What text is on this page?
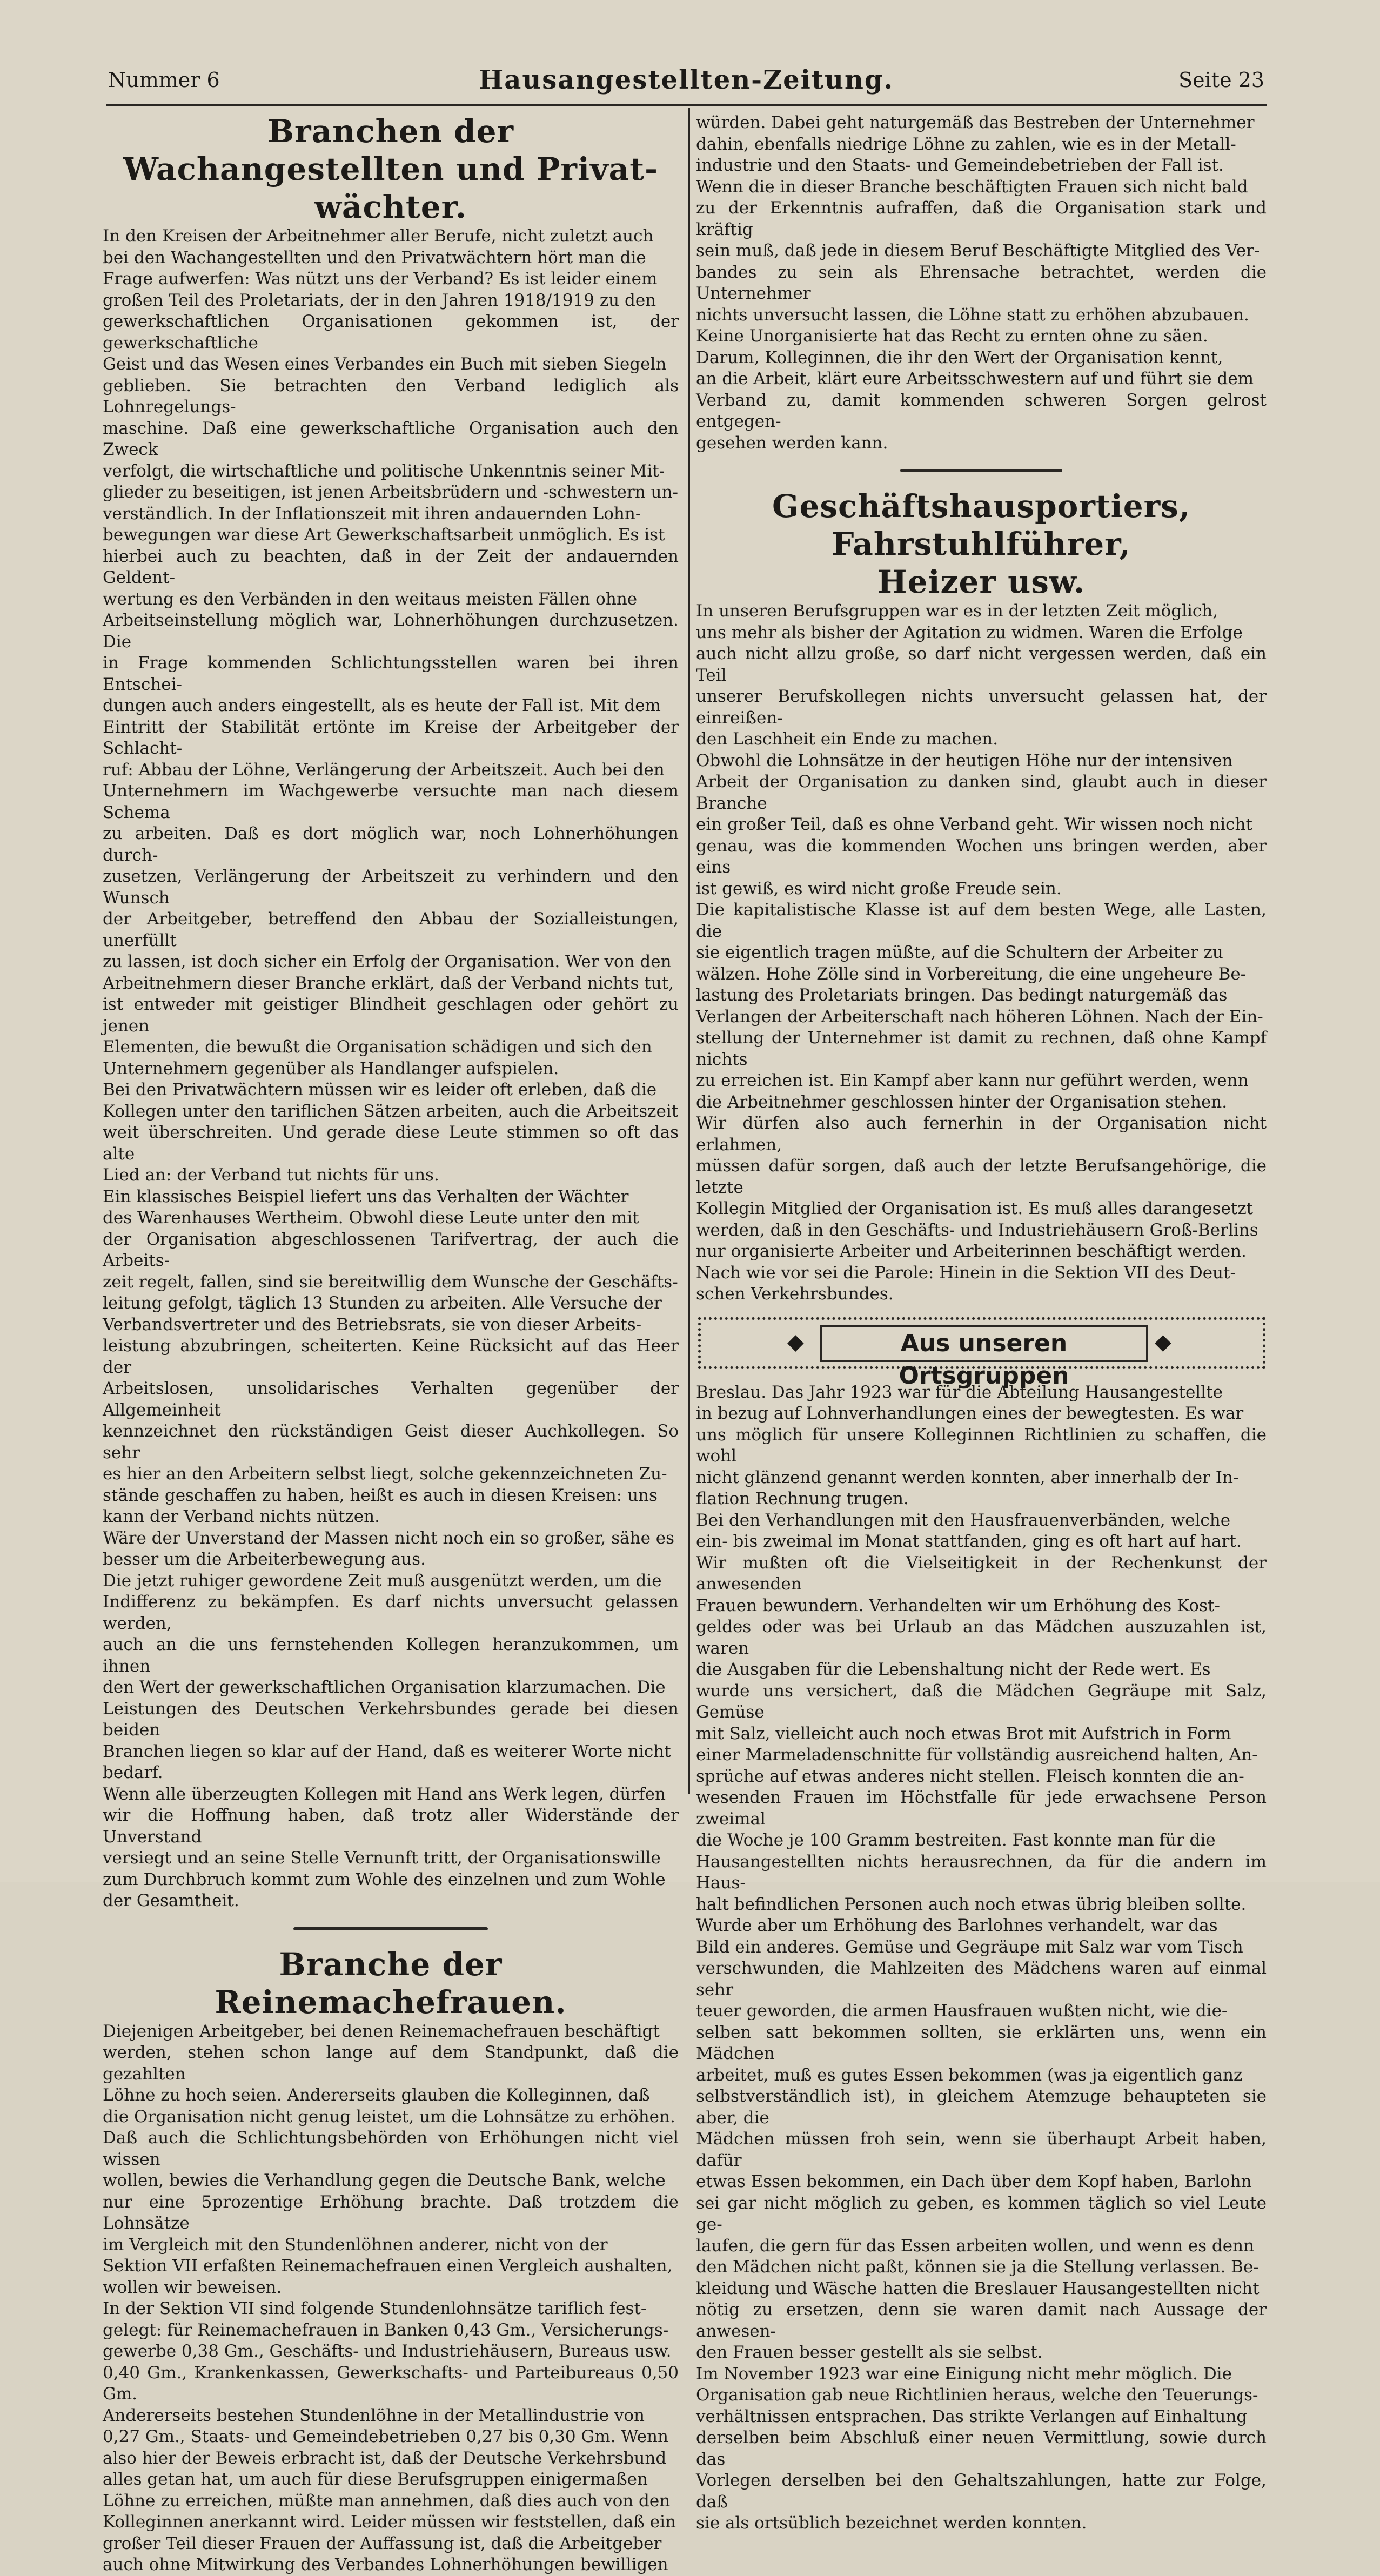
Nummer 6	Hausangestellten-Zeitung.	Seite 23
Branchen der Wachangestellten und Privat-
wächter.

In den Kreisen der Arbeitnehmer aller Berufe, nicht zuletzt auch
bei den Wachangestellten und den Privatwächtern hört man die
Frage aufwerfen: Was nützt uns der Verband? Es ist leider einem
großen Teil des Proletariats, der in den Jahren 1918/1919 zu den
gewerkschaftlichen Organisationen gekommen ist, der gewerkschaftliche
Geist und das Wesen eines Verbandes ein Buch mit sieben Siegeln
geblieben. Sie betrachten den Verband lediglich als Lohnregelungs-
maschine. Daß eine gewerkschaftliche Organisation auch den Zweck
verfolgt, die wirtschaftliche und politische Unkenntnis seiner Mit-
glieder zu beseitigen, ist jenen Arbeitsbrüdern und -schwestern un-
verständlich. In der Inflationszeit mit ihren andauernden Lohn-
bewegungen war diese Art Gewerkschaftsarbeit unmöglich. Es ist
hierbei auch zu beachten, daß in der Zeit der andauernden Geldent-
wertung es den Verbänden in den weitaus meisten Fällen ohne
Arbeitseinstellung möglich war, Lohnerhöhungen durchzusetzen. Die
in Frage kommenden Schlichtungsstellen waren bei ihren Entschei-
dungen auch anders eingestellt, als es heute der Fall ist. Mit dem
Eintritt der Stabilität ertönte im Kreise der Arbeitgeber der Schlacht-
ruf: Abbau der Löhne, Verlängerung der Arbeitszeit. Auch bei den
Unternehmern im Wachgewerbe versuchte man nach diesem Schema
zu arbeiten. Daß es dort möglich war, noch Lohnerhöhungen durch-
zusetzen, Verlängerung der Arbeitszeit zu verhindern und den Wunsch
der Arbeitgeber, betreffend den Abbau der Sozialleistungen, unerfüllt
zu lassen, ist doch sicher ein Erfolg der Organisation. Wer von den
Arbeitnehmern dieser Branche erklärt, daß der Verband nichts tut,
ist entweder mit geistiger Blindheit geschlagen oder gehört zu jenen
Elementen, die bewußt die Organisation schädigen und sich den
Unternehmern gegenüber als Handlanger aufspielen.

Bei den Privatwächtern müssen wir es leider oft erleben, daß die
Kollegen unter den tariflichen Sätzen arbeiten, auch die Arbeitszeit
weit überschreiten. Und gerade diese Leute stimmen so oft das alte
Lied an: der Verband tut nichts für uns.

Ein klassisches Beispiel liefert uns das Verhalten der Wächter
des Warenhauses Wertheim. Obwohl diese Leute unter den mit
der Organisation abgeschlossenen Tarifvertrag, der auch die Arbeits-
zeit regelt, fallen, sind sie bereitwillig dem Wunsche der Geschäfts-
leitung gefolgt, täglich 13 Stunden zu arbeiten. Alle Versuche der
Verbandsvertreter und des Betriebsrats, sie von dieser Arbeits-
leistung abzubringen, scheiterten. Keine Rücksicht auf das Heer der
Arbeitslosen, unsolidarisches Verhalten gegenüber der Allgemeinheit
kennzeichnet den rückständigen Geist dieser Auchkollegen. So sehr
es hier an den Arbeitern selbst liegt, solche gekennzeichneten Zu-
stände geschaffen zu haben, heißt es auch in diesen Kreisen: uns
kann der Verband nichts nützen.

Wäre der Unverstand der Massen nicht noch ein so großer, sähe es
besser um die Arbeiterbewegung aus.

Die jetzt ruhiger gewordene Zeit muß ausgenützt werden, um die
Indifferenz zu bekämpfen. Es darf nichts unversucht gelassen werden,
auch an die uns fernstehenden Kollegen heranzukommen, um ihnen
den Wert der gewerkschaftlichen Organisation klarzumachen. Die
Leistungen des Deutschen Verkehrsbundes gerade bei diesen beiden
Branchen liegen so klar auf der Hand, daß es weiterer Worte nicht
bedarf.

Wenn alle überzeugten Kollegen mit Hand ans Werk legen, dürfen
wir die Hoffnung haben, daß trotz aller Widerstände der Unverstand
versiegt und an seine Stelle Vernunft tritt, der Organisationswille
zum Durchbruch kommt zum Wohle des einzelnen und zum Wohle
der Gesamtheit.

Branche der Reinemachefrauen.

Diejenigen Arbeitgeber, bei denen Reinemachefrauen beschäftigt
werden, stehen schon lange auf dem Standpunkt, daß die gezahlten
Löhne zu hoch seien. Andererseits glauben die Kolleginnen, daß
die Organisation nicht genug leistet, um die Lohnsätze zu erhöhen.
Daß auch die Schlichtungsbehörden von Erhöhungen nicht viel wissen
wollen, bewies die Verhandlung gegen die Deutsche Bank, welche
nur eine 5prozentige Erhöhung brachte. Daß trotzdem die Lohnsätze
im Vergleich mit den Stundenlöhnen anderer, nicht von der
Sektion VII erfaßten Reinemachefrauen einen Vergleich aushalten,
wollen wir beweisen.

In der Sektion VII sind folgende Stundenlohnsätze tariflich fest-
gelegt: für Reinemachefrauen in Banken 0,43 Gm., Versicherungs-
gewerbe 0,38 Gm., Geschäfts- und Industriehäusern, Bureaus usw.
0,40 Gm., Krankenkassen, Gewerkschafts- und Parteibureaus 0,50 Gm.
Andererseits bestehen Stundenlöhne in der Metallindustrie von
0,27 Gm., Staats- und Gemeindebetrieben 0,27 bis 0,30 Gm. Wenn
also hier der Beweis erbracht ist, daß der Deutsche Verkehrsbund
alles getan hat, um auch für diese Berufsgruppen einigermaßen
Löhne zu erreichen, müßte man annehmen, daß dies auch von den
Kolleginnen anerkannt wird. Leider müssen wir feststellen, daß ein
großer Teil dieser Frauen der Auffassung ist, daß die Arbeitgeber
auch ohne Mitwirkung des Verbandes Lohnerhöhungen bewilligen

würden. Dabei geht naturgemäß das Bestreben der Unternehmer
dahin, ebenfalls niedrige Löhne zu zahlen, wie es in der Metall-
industrie und den Staats- und Gemeindebetrieben der Fall ist.

Wenn die in dieser Branche beschäftigten Frauen sich nicht bald
zu der Erkenntnis aufraffen, daß die Organisation stark und kräftig
sein muß, daß jede in diesem Beruf Beschäftigte Mitglied des Ver-
bandes zu sein als Ehrensache betrachtet, werden die Unternehmer
nichts unversucht lassen, die Löhne statt zu erhöhen abzubauen.

Keine Unorganisierte hat das Recht zu ernten ohne zu säen.

Darum, Kolleginnen, die ihr den Wert der Organisation kennt,
an die Arbeit, klärt eure Arbeitsschwestern auf und führt sie dem
Verband zu, damit kommenden schweren Sorgen gelrost entgegen-
gesehen werden kann.

Geschäftshausportiers, Fahrstuhlführer,
Heizer usw.

In unseren Berufsgruppen war es in der letzten Zeit möglich,
uns mehr als bisher der Agitation zu widmen. Waren die Erfolge
auch nicht allzu große, so darf nicht vergessen werden, daß ein Teil
unserer Berufskollegen nichts unversucht gelassen hat, der einreißen-
den Laschheit ein Ende zu machen.

Obwohl die Lohnsätze in der heutigen Höhe nur der intensiven
Arbeit der Organisation zu danken sind, glaubt auch in dieser Branche
ein großer Teil, daß es ohne Verband geht. Wir wissen noch nicht
genau, was die kommenden Wochen uns bringen werden, aber eins
ist gewiß, es wird nicht große Freude sein.

Die kapitalistische Klasse ist auf dem besten Wege, alle Lasten, die
sie eigentlich tragen müßte, auf die Schultern der Arbeiter zu
wälzen. Hohe Zölle sind in Vorbereitung, die eine ungeheure Be-
lastung des Proletariats bringen. Das bedingt naturgemäß das
Verlangen der Arbeiterschaft nach höheren Löhnen. Nach der Ein-
stellung der Unternehmer ist damit zu rechnen, daß ohne Kampf nichts
zu erreichen ist. Ein Kampf aber kann nur geführt werden, wenn
die Arbeitnehmer geschlossen hinter der Organisation stehen.

Wir dürfen also auch fernerhin in der Organisation nicht erlahmen,
müssen dafür sorgen, daß auch der letzte Berufsangehörige, die letzte
Kollegin Mitglied der Organisation ist. Es muß alles darangesetzt
werden, daß in den Geschäfts- und Industriehäusern Groß-Berlins
nur organisierte Arbeiter und Arbeiterinnen beschäftigt werden.
Nach wie vor sei die Parole: Hinein in die Sektion VII des Deut-
schen Verkehrsbundes.

◆	Aus unseren Ortsgruppen
◆

Breslau. Das Jahr 1923 war für die Abteilung Hausangestellte
in bezug auf Lohnverhandlungen eines der bewegtesten. Es war
uns möglich für unsere Kolleginnen Richtlinien zu schaffen, die wohl
nicht glänzend genannt werden konnten, aber innerhalb der In-
flation Rechnung trugen.

Bei den Verhandlungen mit den Hausfrauenverbänden, welche
ein- bis zweimal im Monat stattfanden, ging es oft hart auf hart.
Wir mußten oft die Vielseitigkeit in der Rechenkunst der anwesenden
Frauen bewundern. Verhandelten wir um Erhöhung des Kost-
geldes oder was bei Urlaub an das Mädchen auszuzahlen ist, waren
die Ausgaben für die Lebenshaltung nicht der Rede wert. Es
wurde uns versichert, daß die Mädchen Gegräupe mit Salz, Gemüse
mit Salz, vielleicht auch noch etwas Brot mit Aufstrich in Form
einer Marmeladenschnitte für vollständig ausreichend halten, An-
sprüche auf etwas anderes nicht stellen. Fleisch konnten die an-
wesenden Frauen im Höchstfalle für jede erwachsene Person zweimal
die Woche je 100 Gramm bestreiten. Fast konnte man für die
Hausangestellten nichts herausrechnen, da für die andern im Haus-
halt befindlichen Personen auch noch etwas übrig bleiben sollte.

Wurde aber um Erhöhung des Barlohnes verhandelt, war das
Bild ein anderes. Gemüse und Gegräupe mit Salz war vom Tisch
verschwunden, die Mahlzeiten des Mädchens waren auf einmal sehr
teuer geworden, die armen Hausfrauen wußten nicht, wie die-
selben satt bekommen sollten, sie erklärten uns, wenn ein Mädchen
arbeitet, muß es gutes Essen bekommen (was ja eigentlich ganz
selbstverständlich ist), in gleichem Atemzuge behaupteten sie aber, die
Mädchen müssen froh sein, wenn sie überhaupt Arbeit haben, dafür
etwas Essen bekommen, ein Dach über dem Kopf haben, Barlohn
sei gar nicht möglich zu geben, es kommen täglich so viel Leute ge-
laufen, die gern für das Essen arbeiten wollen, und wenn es denn
den Mädchen nicht paßt, können sie ja die Stellung verlassen. Be-
kleidung und Wäsche hatten die Breslauer Hausangestellten nicht
nötig zu ersetzen, denn sie waren damit nach Aussage der anwesen-
den Frauen besser gestellt als sie selbst.

Im November 1923 war eine Einigung nicht mehr möglich. Die
Organisation gab neue Richtlinien heraus, welche den Teuerungs-
verhältnissen entsprachen. Das strikte Verlangen auf Einhaltung
derselben beim Abschluß einer neuen Vermittlung, sowie durch das
Vorlegen derselben bei den Gehaltszahlungen, hatte zur Folge, daß
sie als ortsüblich bezeichnet werden konnten.
